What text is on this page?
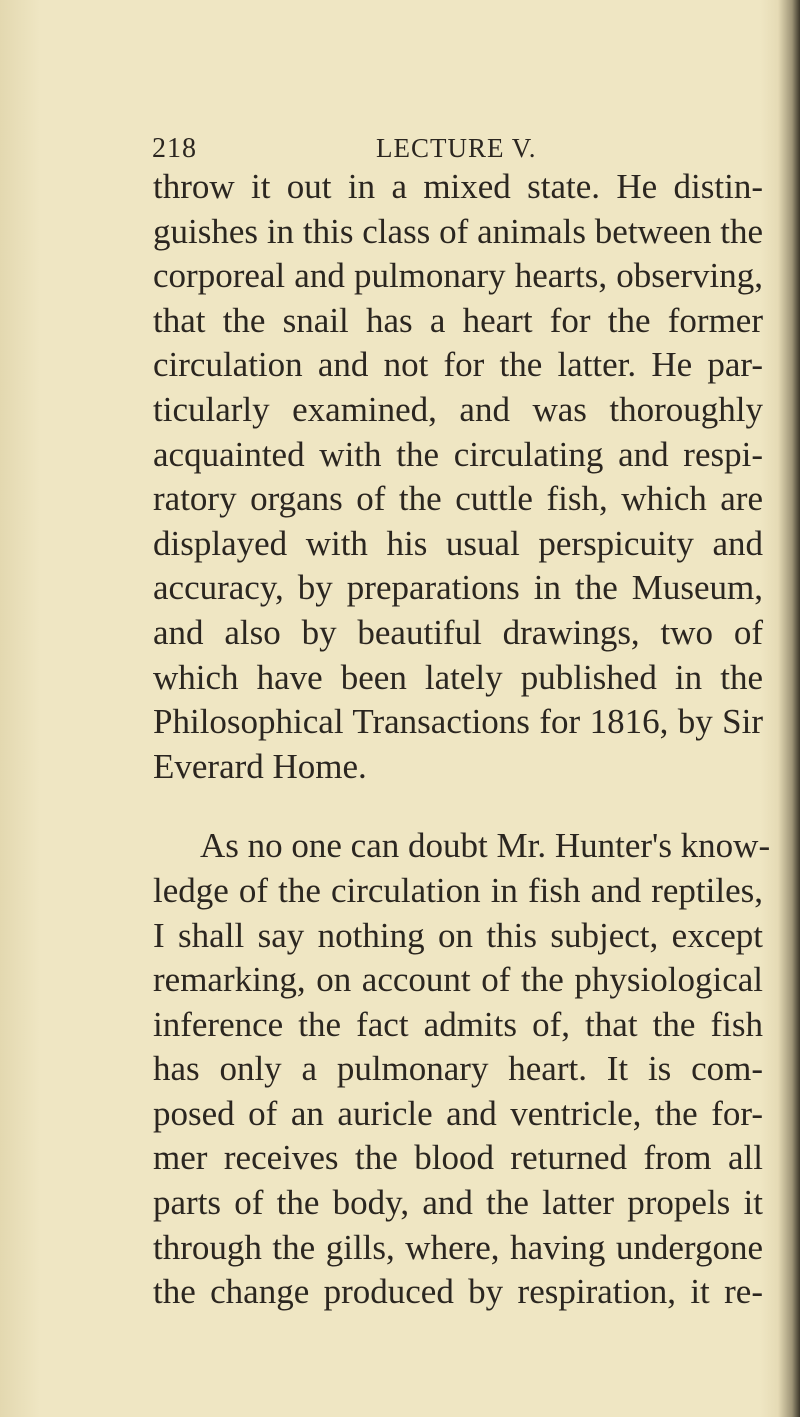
218	LECTURE V.
throw it out in a mixed state. He distin-
guishes in this class of animals between the
corporeal and pulmonary hearts, observing,
that the snail has a heart for the former
circulation and not for the latter. He par-
ticularly examined, and was thoroughly
acquainted with the circulating and respi-
ratory organs of the cuttle fish, which are
displayed with his usual perspicuity and
accuracy, by preparations in the Museum,
and also by beautiful drawings, two of
which have been lately published in the
Philosophical Transactions for 1816, by Sir
Everard Home.
As no one can doubt Mr. Hunter's know-
ledge of the circulation in fish and reptiles,
I shall say nothing on this subject, except
remarking, on account of the physiological
inference the fact admits of, that the fish
has only a pulmonary heart. It is com-
posed of an auricle and ventricle, the for-
mer receives the blood returned from all
parts of the body, and the latter propels it
through the gills, where, having undergone
the change produced by respiration, it re-
